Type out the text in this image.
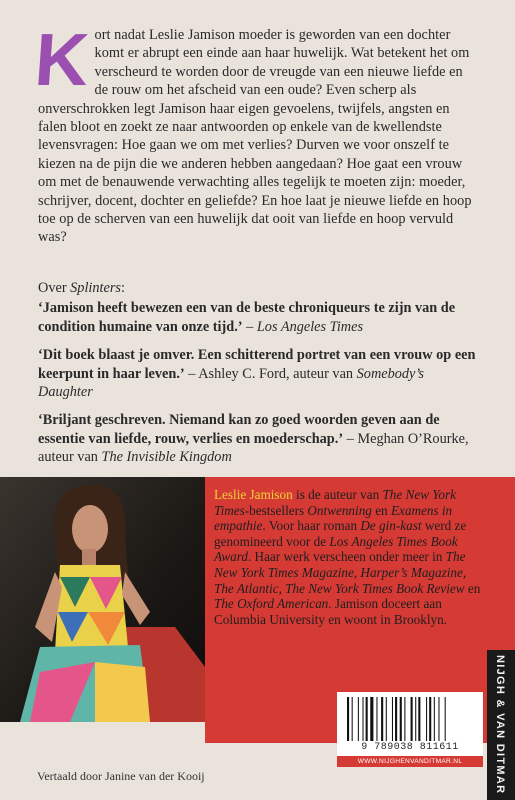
Kort nadat Leslie Jamison moeder is geworden van een dochter komt er abrupt een einde aan haar huwelijk. Wat betekent het om verscheurd te worden door de vreugde van een nieuwe liefde en de rouw om het afscheid van een oude? Even scherp als onverschrokken legt Jamison haar eigen gevoelens, twijfels, angsten en falen bloot en zoekt ze naar antwoorden op enkele van de kwellendste levensvragen: Hoe gaan we om met verlies? Durven we voor onszelf te kiezen na de pijn die we anderen hebben aangedaan? Hoe gaat een vrouw om met de benauwende verwachting alles tegelijk te moeten zijn: moeder, schrijver, docent, dochter en geliefde? En hoe laat je nieuwe liefde en hoop toe op de scherven van een huwelijk dat ooit van liefde en hoop vervuld was?

Over Splinters:

‘Jamison heeft bewezen een van de beste chroniqueurs te zijn van de condition humaine van onze tijd.’ – Los Angeles Times

‘Dit boek blaast je omver. Een schitterend portret van een vrouw op een keerpunt in haar leven.’ – Ashley C. Ford, auteur van Somebody’s Daughter

‘Briljant geschreven. Niemand kan zo goed woorden geven aan de essentie van liefde, rouw, verlies en moederschap.’ – Meghan O’Rourke, auteur van The Invisible Kingdom

Leslie Jamison is de auteur van The New York Times-bestsellers Ontwenning en Examens in empathie. Voor haar roman De gin-kast werd ze genomineerd voor de Los Angeles Times Book Award. Haar werk verscheen onder meer in The New York Times Magazine, Harper’s Magazine, The Atlantic, The New York Times Book Review en The Oxford American. Jamison doceert aan Columbia University en woont in Brooklyn.
NIJGH & VAN DITMAR
9 789038 811611
WWW.NIJGHENVANDITMAR.NL
Vertaald door Janine van der Kooij
